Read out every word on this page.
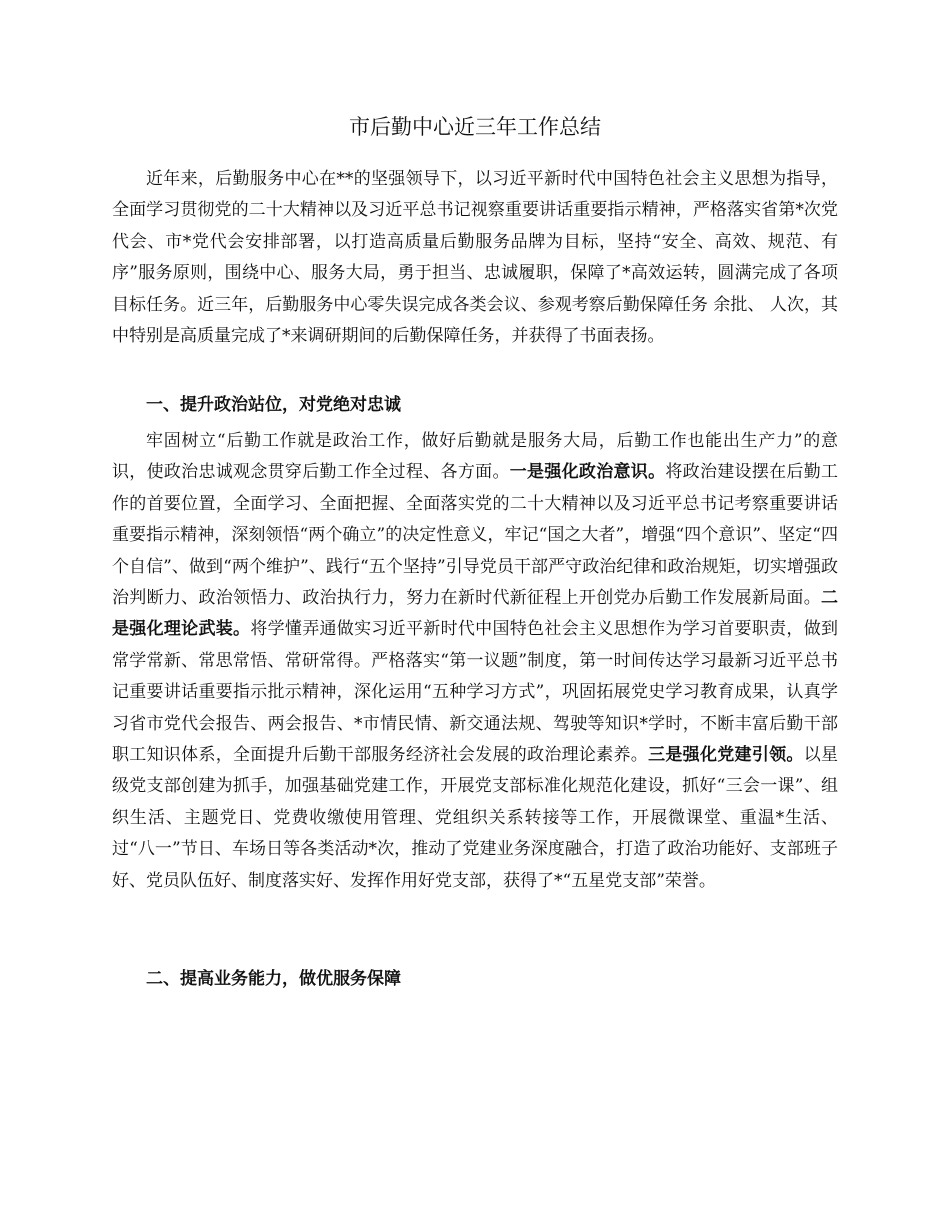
市后勤中心近三年工作总结

近年来，后勤服务中心在**的坚强领导下，以习近平新时代中国特色社会主义思想为指导，全面学习贯彻党的二十大精神以及习近平总书记视察重要讲话重要指示精神，严格落实省第*次党代会、市*党代会安排部署，以打造高质量后勤服务品牌为目标，坚持“安全、高效、规范、有序”服务原则，围绕中心、服务大局，勇于担当、忠诚履职，保障了*高效运转，圆满完成了各项目标任务。近三年，后勤服务中心零失误完成各类会议、参观考察后勤保障任务 余批、 人次，其中特别是高质量完成了*来调研期间的后勤保障任务，并获得了书面表扬。

一、提升政治站位，对党绝对忠诚

牢固树立“后勤工作就是政治工作，做好后勤就是服务大局，后勤工作也能出生产力”的意识，使政治忠诚观念贯穿后勤工作全过程、各方面。一是强化政治意识。将政治建设摆在后勤工作的首要位置，全面学习、全面把握、全面落实党的二十大精神以及习近平总书记考察重要讲话重要指示精神，深刻领悟“两个确立”的决定性意义，牢记“国之大者”，增强“四个意识”、坚定“四个自信”、做到“两个维护”、践行“五个坚持”引导党员干部严守政治纪律和政治规矩，切实增强政治判断力、政治领悟力、政治执行力，努力在新时代新征程上开创党办后勤工作发展新局面。二是强化理论武装。将学懂弄通做实习近平新时代中国特色社会主义思想作为学习首要职责，做到常学常新、常思常悟、常研常得。严格落实“第一议题”制度，第一时间传达学习最新习近平总书记重要讲话重要指示批示精神，深化运用“五种学习方式”，巩固拓展党史学习教育成果，认真学习省市党代会报告、两会报告、*市情民情、新交通法规、驾驶等知识*学时，不断丰富后勤干部职工知识体系，全面提升后勤干部服务经济社会发展的政治理论素养。三是强化党建引领。以星级党支部创建为抓手，加强基础党建工作，开展党支部标准化规范化建设，抓好“三会一课”、组织生活、主题党日、党费收缴使用管理、党组织关系转接等工作，开展微课堂、重温*生活、过“八一”节日、车场日等各类活动*次，推动了党建业务深度融合，打造了政治功能好、支部班子好、党员队伍好、制度落实好、发挥作用好党支部，获得了*“五星党支部”荣誉。

二、提高业务能力，做优服务保障
